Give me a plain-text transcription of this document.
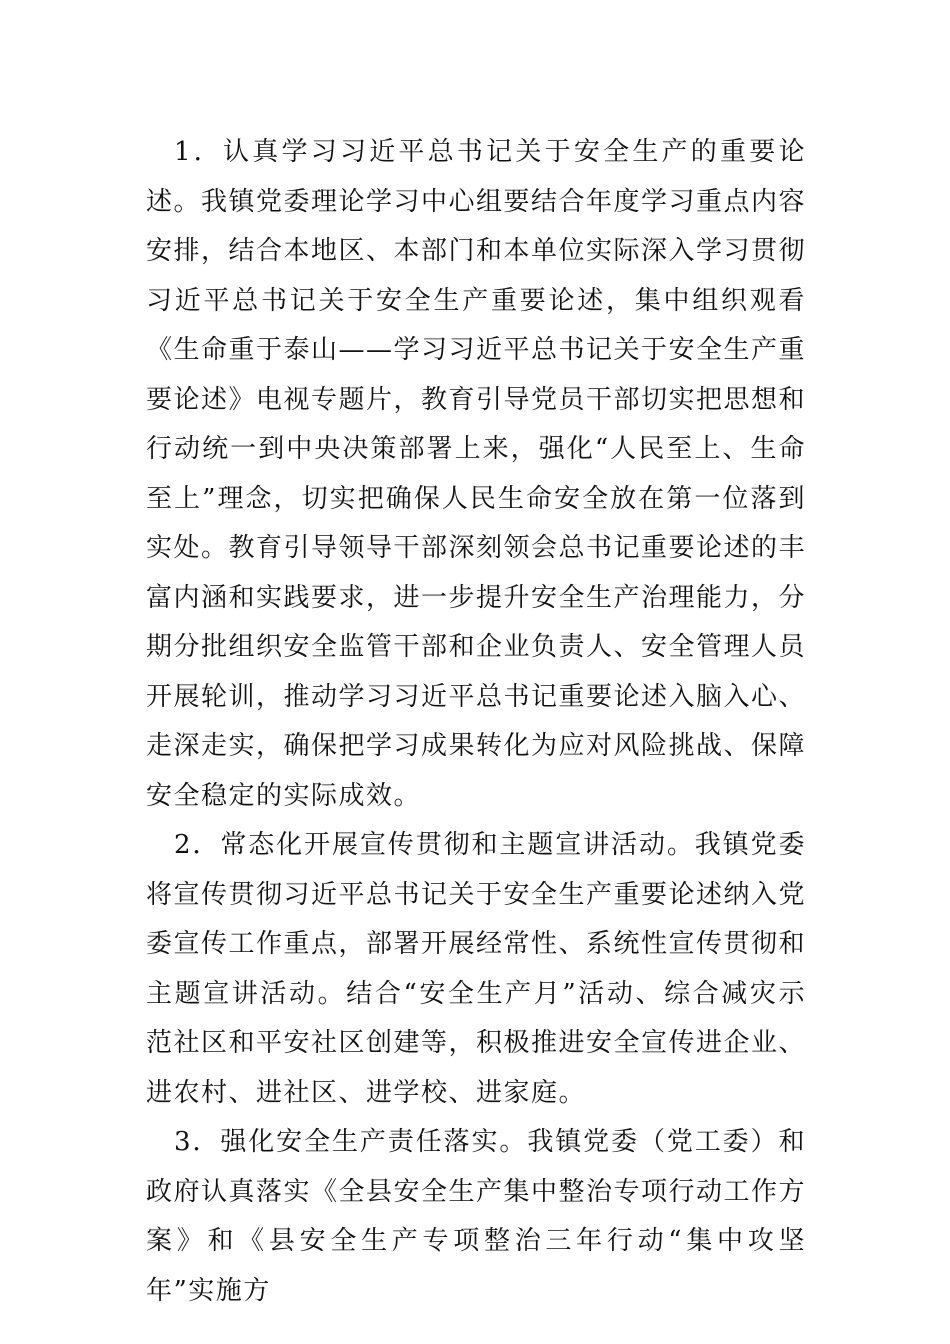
1．认真学习习近平总书记关于安全生产的重要论述。我镇党委理论学习中心组要结合年度学习重点内容安排，结合本地区、本部门和本单位实际深入学习贯彻习近平总书记关于安全生产重要论述，集中组织观看《生命重于泰山——学习习近平总书记关于安全生产重要论述》电视专题片，教育引导党员干部切实把思想和行动统一到中央决策部署上来，强化“人民至上、生命至上”理念，切实把确保人民生命安全放在第一位落到实处。教育引导领导干部深刻领会总书记重要论述的丰富内涵和实践要求，进一步提升安全生产治理能力，分期分批组织安全监管干部和企业负责人、安全管理人员开展轮训，推动学习习近平总书记重要论述入脑入心、走深走实，确保把学习成果转化为应对风险挑战、保障安全稳定的实际成效。

2．常态化开展宣传贯彻和主题宣讲活动。我镇党委将宣传贯彻习近平总书记关于安全生产重要论述纳入党委宣传工作重点，部署开展经常性、系统性宣传贯彻和主题宣讲活动。结合“安全生产月”活动、综合减灾示范社区和平安社区创建等，积极推进安全宣传进企业、进农村、进社区、进学校、进家庭。

3．强化安全生产责任落实。我镇党委（党工委）和政府认真落实《全县安全生产集中整治专项行动工作方案》和《县安全生产专项整治三年行动“集中攻坚年”实施方
